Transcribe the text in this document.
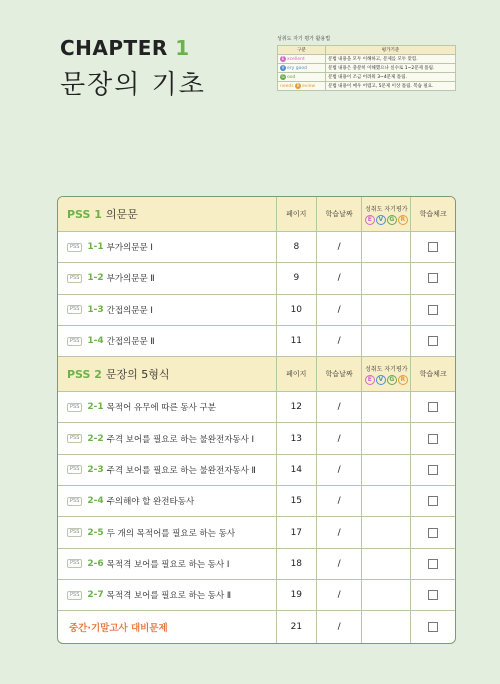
CHAPTER 1
문장의 기초
성취도 자기 평가 활용법
구분	평가기준
E xcellent	문법 내용을 모두 이해하고, 문제를 모두 맞힘.
V ery good	문법 내용은 충분히 이해했으나 실수로 1~2문제 틀림.
G ood	문법 내용이 조금 어려워 3~4문제 틀림.
needs R eview	문법 내용이 매우 어렵고, 5문제 이상 틀림. 복습 필요.
PSS 1 의문문	페이지	학습날짜
성취도 자기평가
E	V	G	R
학습체크
PSS 1-1 부가의문문 Ⅰ	8	/
PSS 1-2 부가의문문 Ⅱ	9	/
PSS 1-3 간접의문문 Ⅰ	10	/
PSS 1-4 간접의문문 Ⅱ	11	/
PSS 2 문장의 5형식	페이지	학습날짜
성취도 자기평가
E	V	G	R
학습체크
PSS 2-1 목적어 유무에 따른 동사 구분	12	/
PSS 2-2 주격 보어를 필요로 하는 불완전자동사 Ⅰ	13	/
PSS 2-3 주격 보어를 필요로 하는 불완전자동사 Ⅱ	14	/
PSS 2-4 주의해야 할 완전타동사	15	/
PSS 2-5 두 개의 목적어를 필요로 하는 동사	17	/
PSS 2-6 목적격 보어를 필요로 하는 동사 Ⅰ	18	/
PSS 2-7 목적격 보어를 필요로 하는 동사 Ⅱ	19	/
중간·기말고사 대비문제	21	/
